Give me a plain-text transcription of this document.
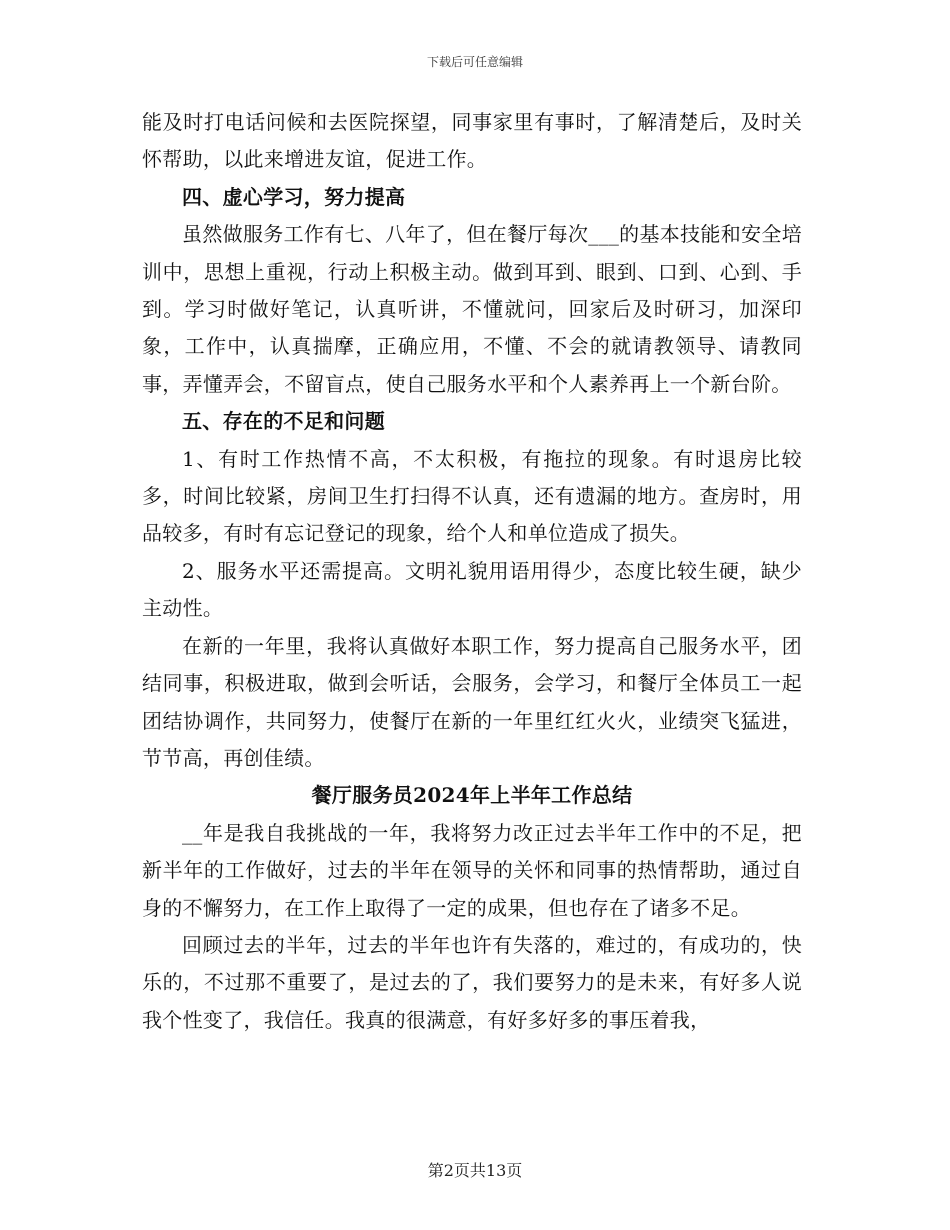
下载后可任意编辑

能及时打电话问候和去医院探望，同事家里有事时，了解清楚后，及时关怀帮助，以此来增进友谊，促进工作。

四、虚心学习，努力提高

虽然做服务工作有七、八年了，但在餐厅每次___的基本技能和安全培训中，思想上重视，行动上积极主动。做到耳到、眼到、口到、心到、手到。学习时做好笔记，认真听讲，不懂就问，回家后及时研习，加深印象，工作中，认真揣摩，正确应用，不懂、不会的就请教领导、请教同事，弄懂弄会，不留盲点，使自己服务水平和个人素养再上一个新台阶。

五、存在的不足和问题

1、有时工作热情不高，不太积极，有拖拉的现象。有时退房比较多，时间比较紧，房间卫生打扫得不认真，还有遗漏的地方。查房时，用品较多，有时有忘记登记的现象，给个人和单位造成了损失。

2、服务水平还需提高。文明礼貌用语用得少，态度比较生硬，缺少主动性。

在新的一年里，我将认真做好本职工作，努力提高自己服务水平，团结同事，积极进取，做到会听话，会服务，会学习，和餐厅全体员工一起团结协调作，共同努力，使餐厅在新的一年里红红火火，业绩突飞猛进，节节高，再创佳绩。

餐厅服务员2024年上半年工作总结

__年是我自我挑战的一年，我将努力改正过去半年工作中的不足，把新半年的工作做好，过去的半年在领导的关怀和同事的热情帮助，通过自身的不懈努力，在工作上取得了一定的成果，但也存在了诸多不足。

回顾过去的半年，过去的半年也许有失落的，难过的，有成功的，快乐的，不过那不重要了，是过去的了，我们要努力的是未来，有好多人说我个性变了，我信任。我真的很满意，有好多好多的事压着我，

第2页共13页
